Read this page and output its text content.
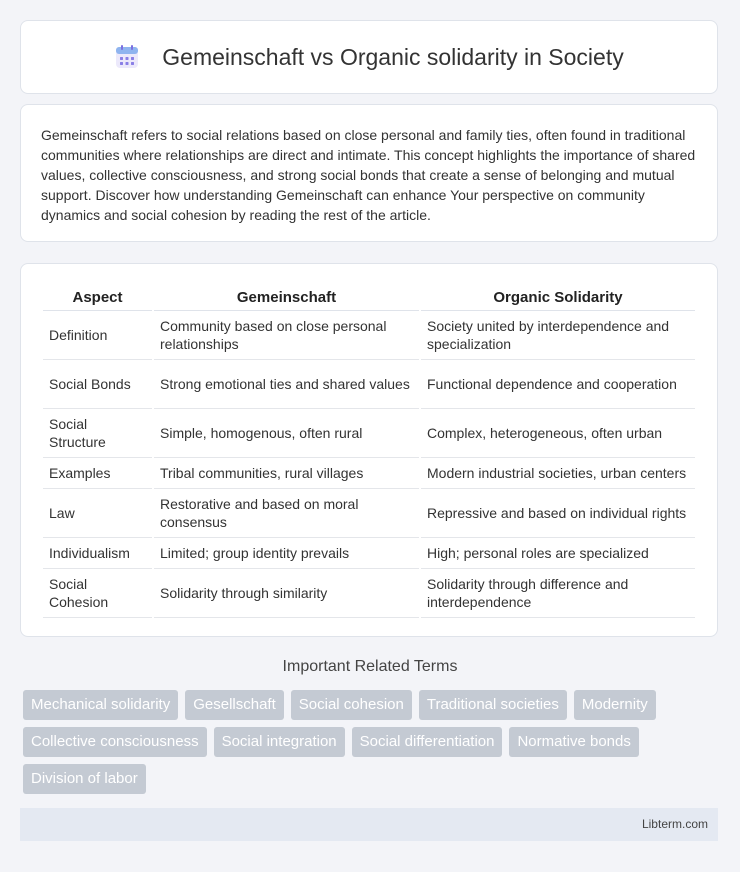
Gemeinschaft vs Organic solidarity in Society

Gemeinschaft refers to social relations based on close personal and family ties, often found in traditional communities where relationships are direct and intimate. This concept highlights the importance of shared values, collective consciousness, and strong social bonds that create a sense of belonging and mutual support. Discover how understanding Gemeinschaft can enhance Your perspective on community dynamics and social cohesion by reading the rest of the article.

Aspect	Gemeinschaft	Organic Solidarity
Definition	Community based on close personal relationships	Society united by interdependence and specialization
Social Bonds	Strong emotional ties and shared values	Functional dependence and cooperation
Social Structure	Simple, homogenous, often rural	Complex, heterogeneous, often urban
Examples	Tribal communities, rural villages	Modern industrial societies, urban centers
Law	Restorative and based on moral consensus	Repressive and based on individual rights
Individualism	Limited; group identity prevails	High; personal roles are specialized
Social Cohesion	Solidarity through similarity	Solidarity through difference and interdependence
Important Related Terms
Mechanical solidarity	Gesellschaft	Social cohesion	Traditional societies	Modernity
Collective consciousness	Social integration	Social differentiation	Normative bonds
Division of labor
Libterm.com
